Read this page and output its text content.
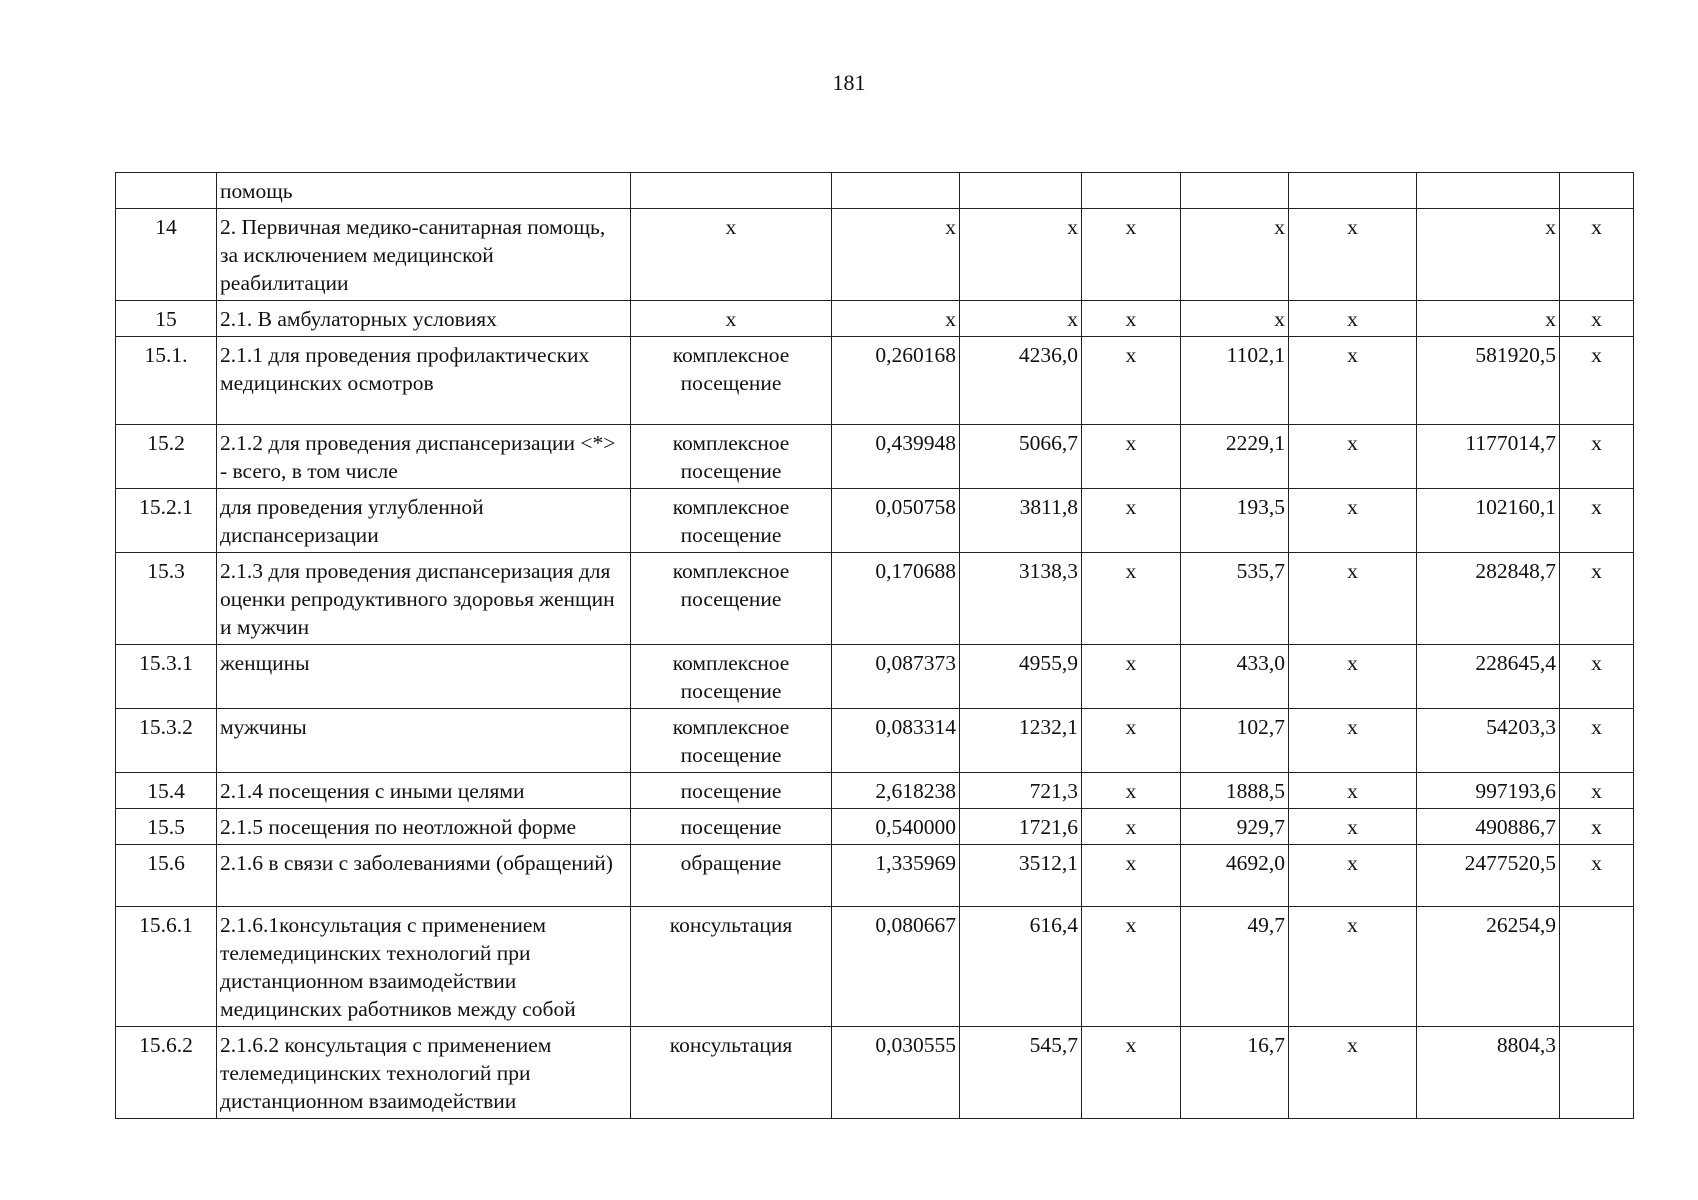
181
	помощь								
14	2. Первичная медико-санитарная помощь, за исключением медицинской реабилитации	х	х	х	х	х	х	х	х
15	2.1. В амбулаторных условиях	х	х	х	х	х	х	х	х
15.1.	2.1.1 для проведения профилактических медицинских осмотров	комплексное посещение	0,260168	4236,0	х	1102,1	х	581920,5	х
15.2	2.1.2 для проведения диспансеризации <*> - всего, в том числе	комплексное посещение	0,439948	5066,7	х	2229,1	х	1177014,7	х
15.2.1	для проведения углубленной диспансеризации	комплексное посещение	0,050758	3811,8	х	193,5	х	102160,1	х
15.3	2.1.3 для проведения диспансеризация для оценки репродуктивного здоровья женщин и мужчин	комплексное посещение	0,170688	3138,3	х	535,7	х	282848,7	х
15.3.1	женщины	комплексное посещение	0,087373	4955,9	х	433,0	х	228645,4	х
15.3.2	мужчины	комплексное посещение	0,083314	1232,1	х	102,7	х	54203,3	х
15.4	2.1.4 посещения с иными целями	посещение	2,618238	721,3	х	1888,5	х	997193,6	х
15.5	2.1.5 посещения по неотложной форме	посещение	0,540000	1721,6	х	929,7	х	490886,7	х
15.6	2.1.6 в связи с заболеваниями (обращений)	обращение	1,335969	3512,1	х	4692,0	х	2477520,5	х
15.6.1	2.1.6.1консультация с применением телемедицинских технологий при дистанционном взаимодействии медицинских работников между собой	консультация	0,080667	616,4	х	49,7	х	26254,9	
15.6.2	2.1.6.2 консультация с применением телемедицинских технологий при дистанционном взаимодействии	консультация	0,030555	545,7	х	16,7	х	8804,3	
